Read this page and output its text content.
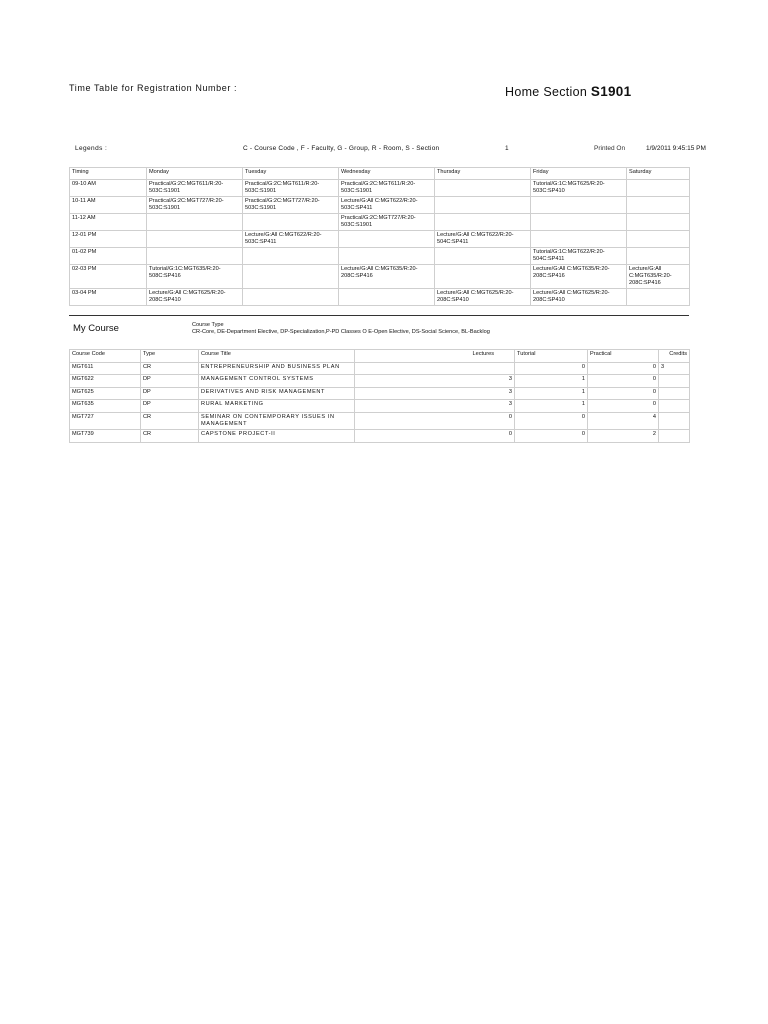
Time Table for Registration Number :	Home Section S1901
Legends :	C - Course Code , F - Faculty, G - Group, R - Room, S - Section	1	Printed On	1/9/2011 9:45:15 PM
Timing	Monday	Tuesday	Wednesday	Thursday	Friday	Saturday
09-10 AM	Practical/G:2C:MGT611/R:20-503C:S1901	Practical/G:2C:MGT611/R:20-503C:S1901	Practical/G:2C:MGT611/R:20-503C:S1901		Tutorial/G:1C:MGT625/R:20-503C:SP410	
10-11 AM	Practical/G:2C:MGT727/R:20-503C:S1901	Practical/G:2C:MGT727/R:20-503C:S1901	Lecture/G:All C:MGT622/R:20-503C:SP411			
11-12 AM			Practical/G:2C:MGT727/R:20-503C:S1901			
12-01 PM		Lecture/G:All C:MGT622/R:20-503C:SP411		Lecture/G:All C:MGT622/R:20-504C:SP411		
01-02 PM					Tutorial/G:1C:MGT622/R:20-504C:SP411	
02-03 PM	Tutorial/G:1C:MGT635/R:20-508C:SP416		Lecture/G:All C:MGT635/R:20-208C:SP416		Lecture/G:All C:MGT635/R:20-208C:SP416	Lecture/G:All C:MGT635/R:20-208C:SP416
03-04 PM	Lecture/G:All C:MGT625/R:20-208C:SP410			Lecture/G:All C:MGT625/R:20-208C:SP410	Lecture/G:All C:MGT625/R:20-208C:SP410	
My Course	Course Type
CR-Core, DE-Department Elective, DP-Specialization,P-PD Classes O E-Open Elective, DS-Social Science, BL-Backlog
Course Code	Type	Course Title	Lectures	Tutorial	Practical	Credits
MGT611	CR	ENTREPRENEURSHIP AND BUSINESS PLAN		0	0	3
MGT622	DP	MANAGEMENT CONTROL SYSTEMS	3	1	0	
MGT625	DP	DERIVATIVES AND RISK MANAGEMENT	3	1	0	
MGT635	DP	RURAL MARKETING	3	1	0	
MGT727	CR	SEMINAR ON CONTEMPORARY ISSUES IN MANAGEMENT	0	0	4	
MGT739	CR	CAPSTONE PROJECT-II	0	0	2	
